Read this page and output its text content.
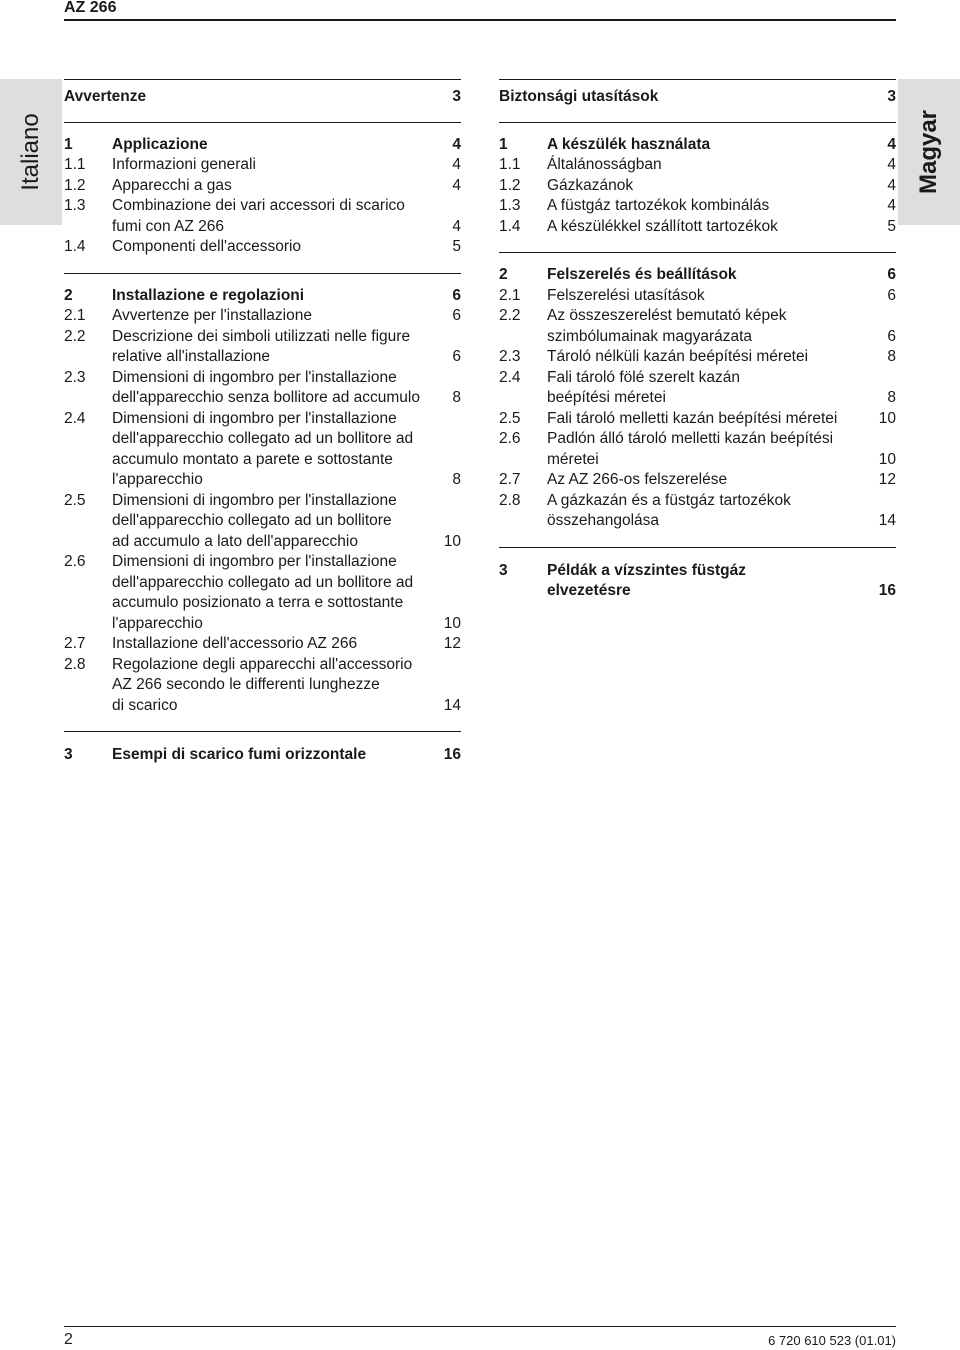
AZ 266
Italiano	Magyar
Avvertenze	3
1	Applicazione	4
1.1	Informazioni generali	4
1.2	Apparecchi a gas	4
1.3	Combinazione dei vari accessori di scarico
fumi con AZ 266	4
1.4	Componenti dell'accessorio	5
2	Installazione e regolazioni	6
2.1	Avvertenze per l'installazione	6
2.2	Descrizione dei simboli utilizzati nelle figure
relative all'installazione	6
2.3	Dimensioni di ingombro per l'installazione
dell'apparecchio senza bollitore ad accumulo	8
2.4	Dimensioni di ingombro per l'installazione
dell'apparecchio collegato ad un bollitore ad
accumulo montato a parete e sottostante
l'apparecchio	8
2.5	Dimensioni di ingombro per l'installazione
dell'apparecchio collegato ad un bollitore
ad accumulo a lato dell'apparecchio	10
2.6	Dimensioni di ingombro per l'installazione
dell'apparecchio collegato ad un bollitore ad
accumulo posizionato a terra e sottostante
l'apparecchio	10
2.7	Installazione dell'accessorio AZ 266	12
2.8	Regolazione degli apparecchi all'accessorio
AZ 266 secondo le differenti lunghezze
di scarico	14
3	Esempi di scarico fumi orizzontale	16
Biztonsági utasítások	3
1	A készülék használata	4
1.1	Általánosságban	4
1.2	Gázkazánok	4
1.3	A füstgáz tartozékok kombinálás	4
1.4	A készülékkel szállított tartozékok	5
2	Felszerelés és beállítások	6
2.1	Felszerelési utasítások	6
2.2	Az összeszerelést bemutató képek
szimbólumainak magyarázata	6
2.3	Tároló nélküli kazán beépítési méretei	8
2.4	Fali tároló fölé szerelt kazán
beépítési méretei	8
2.5	Fali tároló melletti kazán beépítési méretei	10
2.6	Padlón álló tároló melletti kazán beépítési
méretei	10
2.7	Az AZ 266-os felszerelése	12
2.8	A gázkazán és a füstgáz tartozékok
összehangolása	14
3	Példák a vízszintes füstgáz
elvezetésre	16
2	6 720 610 523 (01.01)
